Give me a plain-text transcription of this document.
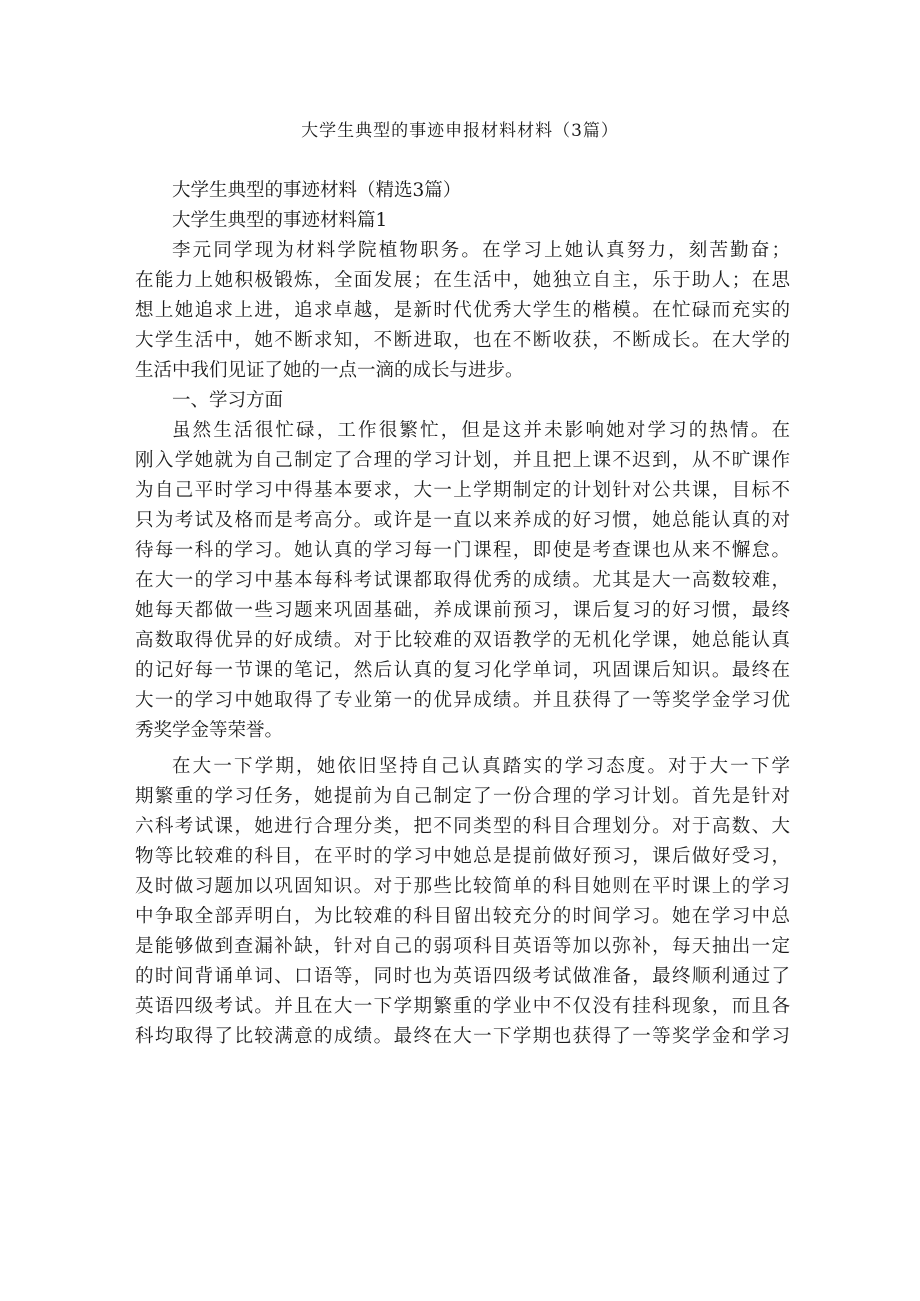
大学生典型的事迹申报材料材料（3篇）
大学生典型的事迹材料（精选3篇）
大学生典型的事迹材料篇1
李元同学现为材料学院植物职务。在学习上她认真努力，刻苦勤奋；
在能力上她积极锻炼，全面发展；在生活中，她独立自主，乐于助人；在思
想上她追求上进，追求卓越，是新时代优秀大学生的楷模。在忙碌而充实的
大学生活中，她不断求知，不断进取，也在不断收获，不断成长。在大学的
生活中我们见证了她的一点一滴的成长与进步。
一、学习方面
虽然生活很忙碌，工作很繁忙，但是这并未影响她对学习的热情。在
刚入学她就为自己制定了合理的学习计划，并且把上课不迟到，从不旷课作
为自己平时学习中得基本要求，大一上学期制定的计划针对公共课，目标不
只为考试及格而是考高分。或许是一直以来养成的好习惯，她总能认真的对
待每一科的学习。她认真的学习每一门课程，即使是考查课也从来不懈怠。
在大一的学习中基本每科考试课都取得优秀的成绩。尤其是大一高数较难，
她每天都做一些习题来巩固基础，养成课前预习，课后复习的好习惯，最终
高数取得优异的好成绩。对于比较难的双语教学的无机化学课，她总能认真
的记好每一节课的笔记，然后认真的复习化学单词，巩固课后知识。最终在
大一的学习中她取得了专业第一的优异成绩。并且获得了一等奖学金学习优
秀奖学金等荣誉。
在大一下学期，她依旧坚持自己认真踏实的学习态度。对于大一下学
期繁重的学习任务，她提前为自己制定了一份合理的学习计划。首先是针对
六科考试课，她进行合理分类，把不同类型的科目合理划分。对于高数、大
物等比较难的科目，在平时的学习中她总是提前做好预习，课后做好受习，
及时做习题加以巩固知识。对于那些比较简单的科目她则在平时课上的学习
中争取全部弄明白，为比较难的科目留出较充分的时间学习。她在学习中总
是能够做到查漏补缺，针对自己的弱项科目英语等加以弥补，每天抽出一定
的时间背诵单词、口语等，同时也为英语四级考试做准备，最终顺利通过了
英语四级考试。并且在大一下学期繁重的学业中不仅没有挂科现象，而且各
科均取得了比较满意的成绩。最终在大一下学期也获得了一等奖学金和学习
